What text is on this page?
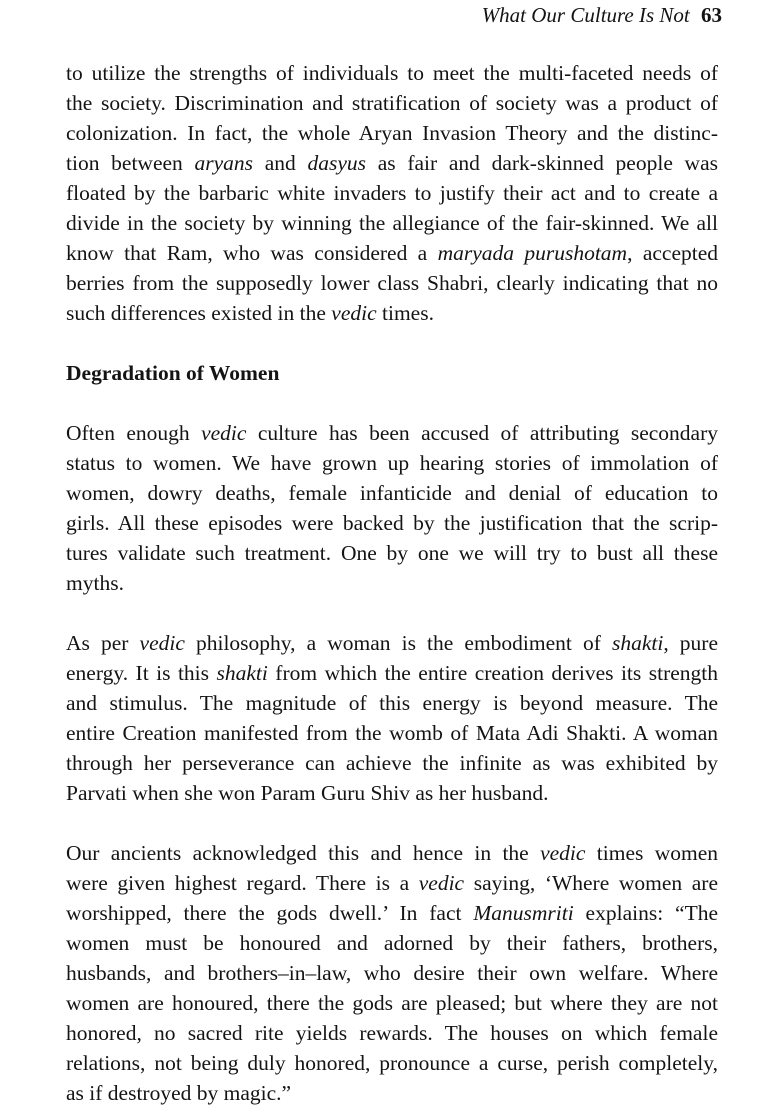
What Our Culture Is Not 63
to utilize the strengths of individuals to meet the multi-faceted needs of
the society. Discrimination and stratification of society was a product of
colonization. In fact, the whole Aryan Invasion Theory and the distinc-
tion between aryans and dasyus as fair and dark-skinned people was
floated by the barbaric white invaders to justify their act and to create a
divide in the society by winning the allegiance of the fair-skinned. We all
know that Ram, who was considered a maryada purushotam, accepted
berries from the supposedly lower class Shabri, clearly indicating that no
such differences existed in the vedic times.
Degradation of Women
Often enough vedic culture has been accused of attributing secondary
status to women. We have grown up hearing stories of immolation of
women, dowry deaths, female infanticide and denial of education to
girls. All these episodes were backed by the justification that the scrip-
tures validate such treatment. One by one we will try to bust all these
myths.
As per vedic philosophy, a woman is the embodiment of shakti, pure
energy. It is this shakti from which the entire creation derives its strength
and stimulus. The magnitude of this energy is beyond measure. The
entire Creation manifested from the womb of Mata Adi Shakti. A woman
through her perseverance can achieve the infinite as was exhibited by
Parvati when she won Param Guru Shiv as her husband.
Our ancients acknowledged this and hence in the vedic times women
were given highest regard. There is a vedic saying, ‘Where women are
worshipped, there the gods dwell.’ In fact Manusmriti explains: “The
women must be honoured and adorned by their fathers, brothers,
husbands, and brothers–in–law, who desire their own welfare. Where
women are honoured, there the gods are pleased; but where they are not
honored, no sacred rite yields rewards. The houses on which female
relations, not being duly honored, pronounce a curse, perish completely,
as if destroyed by magic.”
